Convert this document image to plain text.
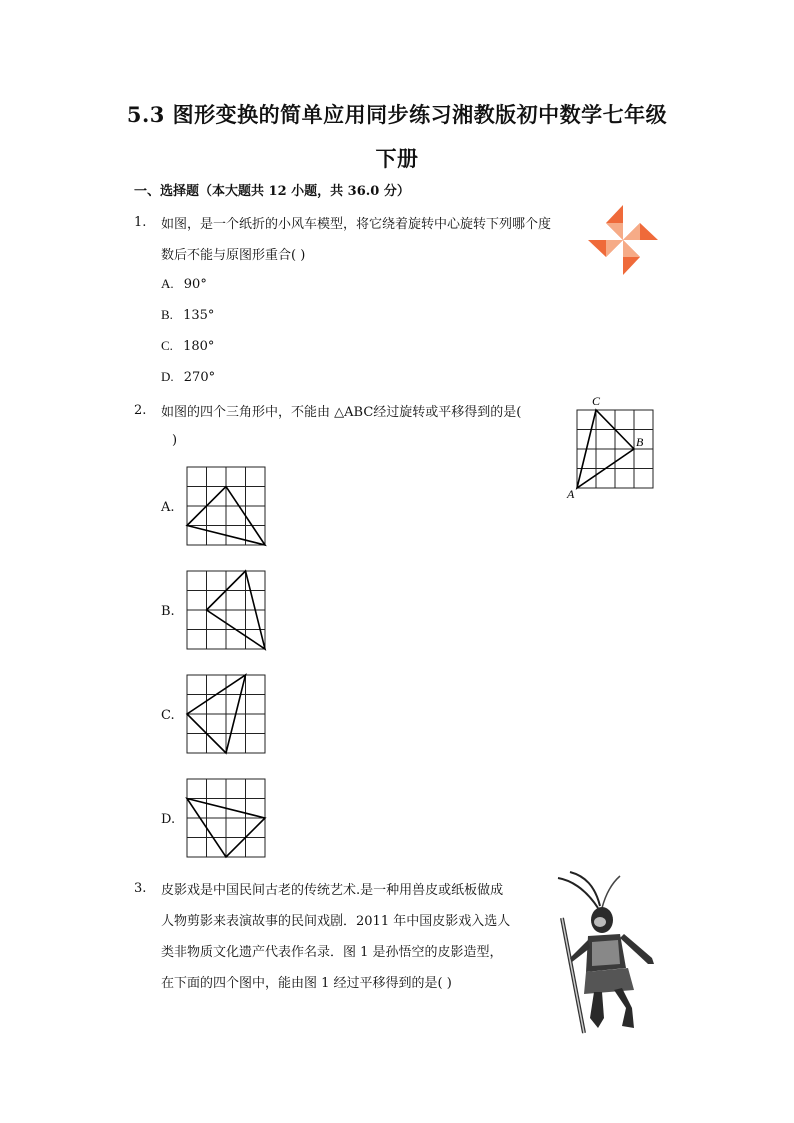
5.3 图形变换的简单应用同步练习湘教版初中数学七年级
下册
一、选择题（本大题共 12 小题，共 36.0 分）
1. 如图，是一个纸折的小风车模型，将它绕着旋转中心旋转下列哪个度
数后不能与原图形重合( )
A. 90°
B. 135°
C. 180°
D. 270°
2. 如图的四个三角形中，不能由 △ABC经过旋转或平移得到的是(
)
A
C
B
A.
B.
C.
D.
3. 皮影戏是中国民间古老的传统艺术.是一种用兽皮或纸板做成
人物剪影来表演故事的民间戏剧．2011 年中国皮影戏入选人
类非物质文化遗产代表作名录．图 1 是孙悟空的皮影造型，
在下面的四个图中，能由图 1 经过平移得到的是( )
